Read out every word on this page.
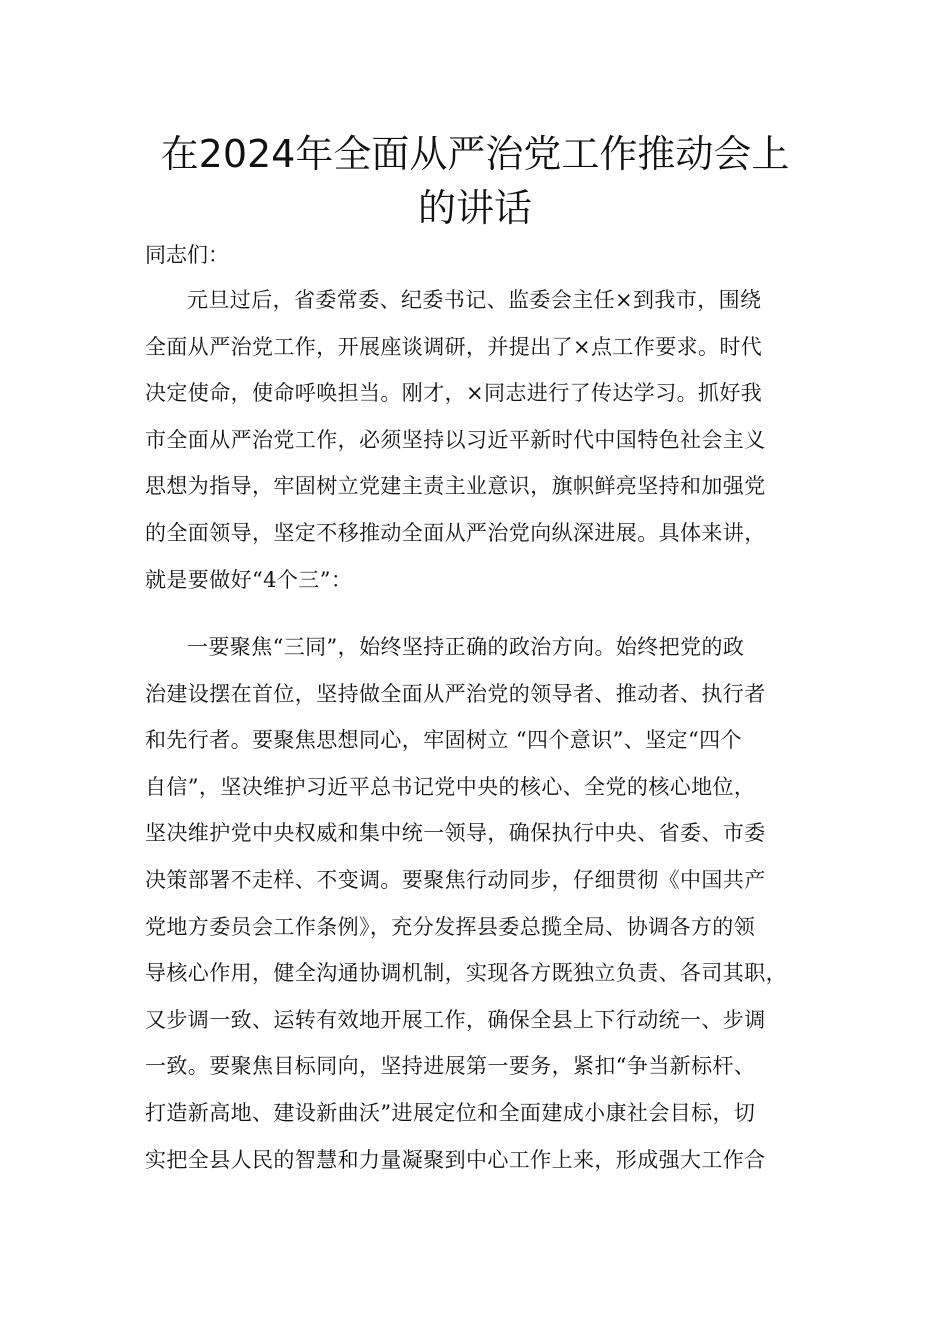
在2024年全面从严治党工作推动会上
的讲话

同志们：

元旦过后，省委常委、纪委书记、监委会主任×到我市，围绕
全面从严治党工作，开展座谈调研，并提出了×点工作要求。时代
决定使命，使命呼唤担当。刚才，×同志进行了传达学习。抓好我
市全面从严治党工作，必须坚持以习近平新时代中国特色社会主义
思想为指导，牢固树立党建主责主业意识，旗帜鲜亮坚持和加强党
的全面领导，坚定不移推动全面从严治党向纵深进展。具体来讲，
就是要做好“4个三”：
一要聚焦“三同”，始终坚持正确的政治方向。始终把党的政
治建设摆在首位，坚持做全面从严治党的领导者、推动者、执行者
和先行者。要聚焦思想同心，牢固树立 “四个意识”、坚定“四个
自信”，坚决维护习近平总书记党中央的核心、全党的核心地位，
坚决维护党中央权威和集中统一领导，确保执行中央、省委、市委
决策部署不走样、不变调。要聚焦行动同步，仔细贯彻《中国共产
党地方委员会工作条例》，充分发挥县委总揽全局、协调各方的领
导核心作用，健全沟通协调机制，实现各方既独立负责、各司其职，
又步调一致、运转有效地开展工作，确保全县上下行动统一、步调
一致。要聚焦目标同向，坚持进展第一要务，紧扣“争当新标杆、
打造新高地、建设新曲沃”进展定位和全面建成小康社会目标，切
实把全县人民的智慧和力量凝聚到中心工作上来，形成强大工作合
